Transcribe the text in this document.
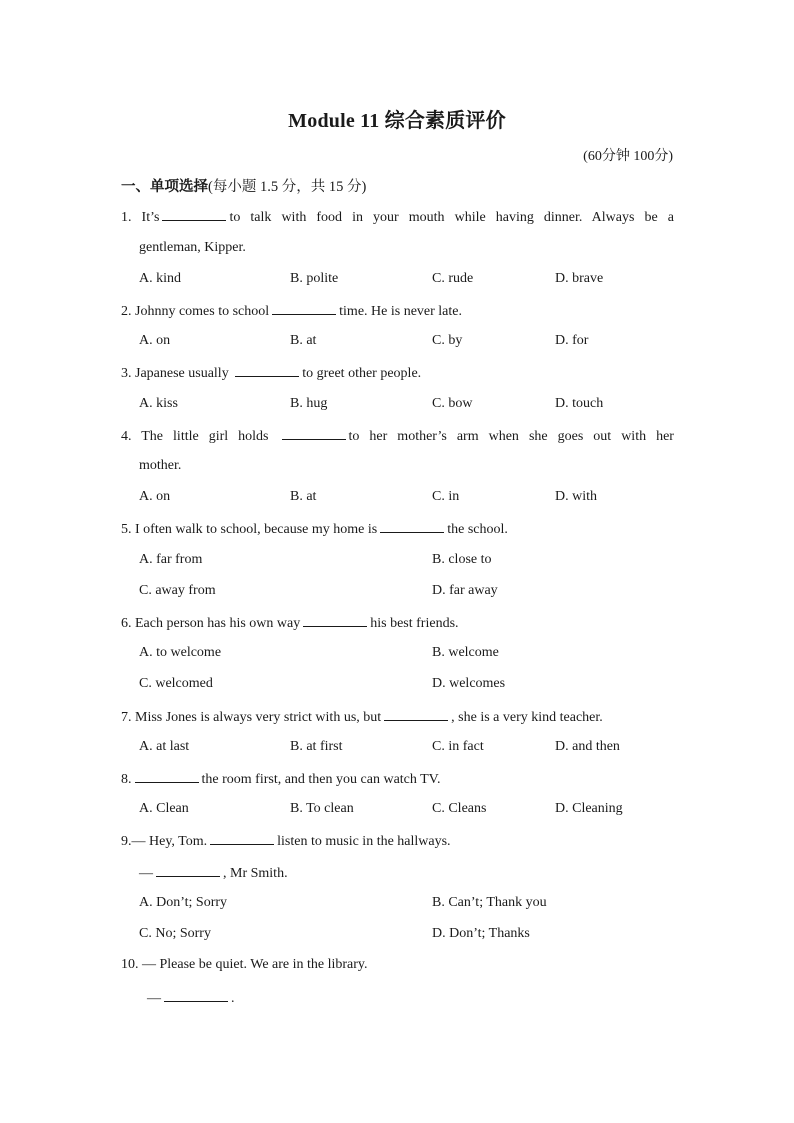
Module 11 综合素质评价
(60分钟 100分)
一、单项选择(每小题 1.5 分，共 15 分)
1. It’s	to talk with food in your mouth while having dinner. Always be a
gentleman, Kipper.
A. kind	B. polite	C. rude	D. brave
2. Johnny comes to school	time. He is never late.
A. on	B. at	C. by	D. for
3. Japanese usually	to greet other people.
A. kiss	B. hug	C. bow	D. touch
4. The little girl holds	to her mother’s arm when she goes out with her
mother.
A. on	B. at	C. in	D. with
5. I often walk to school, because my home is	the school.
A. far from	B. close to
C. away from	D. far away
6. Each person has his own way	his best friends.
A. to welcome	B. welcome
C. welcomed	D. welcomes
7. Miss Jones is always very strict with us, but	, she is a very kind teacher.
A. at last	B. at first	C. in fact	D. and then
8.	the room first, and then you can watch TV.
A. Clean	B. To clean	C. Cleans	D. Cleaning
9.— Hey, Tom.	listen to music in the hallways.
—	, Mr Smith.
A. Don’t; Sorry	B. Can’t; Thank you
C. No; Sorry	D. Don’t; Thanks
10. — Please be quiet. We are in the library.
—	.
